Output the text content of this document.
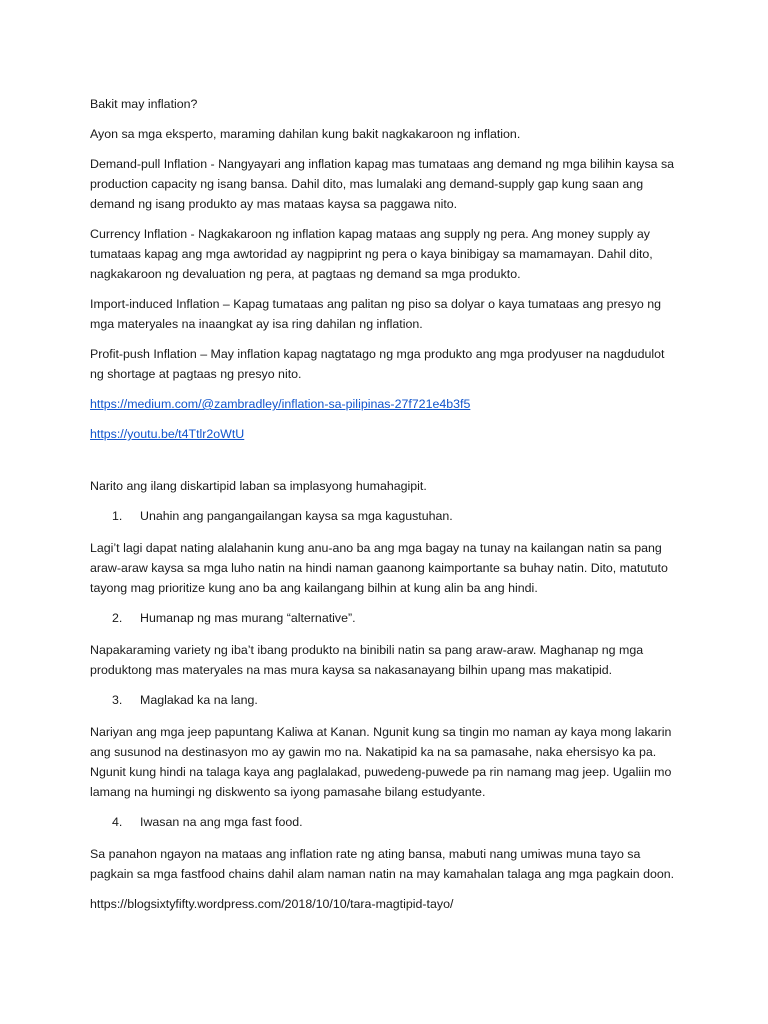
Bakit may inflation?

Ayon sa mga eksperto, maraming dahilan kung bakit nagkakaroon ng inflation.

Demand-pull Inflation - Nangyayari ang inflation kapag mas tumataas ang demand ng mga bilihin kaysa sa production capacity ng isang bansa. Dahil dito, mas lumalaki ang demand-supply gap kung saan ang demand ng isang produkto ay mas mataas kaysa sa paggawa nito.

Currency Inflation - Nagkakaroon ng inflation kapag mataas ang supply ng pera. Ang money supply ay tumataas kapag ang mga awtoridad ay nagpiprint ng pera o kaya binibigay sa mamamayan. Dahil dito, nagkakaroon ng devaluation ng pera, at pagtaas ng demand sa mga produkto.

Import-induced Inflation – Kapag tumataas ang palitan ng piso sa dolyar o kaya tumataas ang presyo ng mga materyales na inaangkat ay isa ring dahilan ng inflation.

Profit-push Inflation – May inflation kapag nagtatago ng mga produkto ang mga prodyuser na nagdudulot ng shortage at pagtaas ng presyo nito.

https://medium.com/@zambradley/inflation-sa-pilipinas-27f721e4b3f5

https://youtu.be/t4Ttlr2oWtU

Narito ang ilang diskartipid laban sa implasyong humahagipit.

1.	Unahin ang pangangailangan kaysa sa mga kagustuhan.

Lagi’t lagi dapat nating alalahanin kung anu-ano ba ang mga bagay na tunay na kailangan natin sa pang araw-araw kaysa sa mga luho natin na hindi naman gaanong kaimportante sa buhay natin. Dito, matututo tayong mag prioritize kung ano ba ang kailangang bilhin at kung alin ba ang hindi.

2.	Humanap ng mas murang “alternative”.

Napakaraming variety ng iba’t ibang produkto na binibili natin sa pang araw-araw. Maghanap ng mga produktong mas materyales na mas mura kaysa sa nakasanayang bilhin upang mas makatipid.

3.	Maglakad ka na lang.

Nariyan ang mga jeep papuntang Kaliwa at Kanan. Ngunit kung sa tingin mo naman ay kaya mong lakarin ang susunod na destinasyon mo ay gawin mo na. Nakatipid ka na sa pamasahe, naka ehersisyo ka pa. Ngunit kung hindi na talaga kaya ang paglalakad, puwedeng-puwede pa rin namang mag jeep. Ugaliin mo lamang na humingi ng diskwento sa iyong pamasahe bilang estudyante.

4.	Iwasan na ang mga fast food.

Sa panahon ngayon na mataas ang inflation rate ng ating bansa, mabuti nang umiwas muna tayo sa pagkain sa mga fastfood chains dahil alam naman natin na may kamahalan talaga ang mga pagkain doon.

https://blogsixtyfifty.wordpress.com/2018/10/10/tara-magtipid-tayo/
